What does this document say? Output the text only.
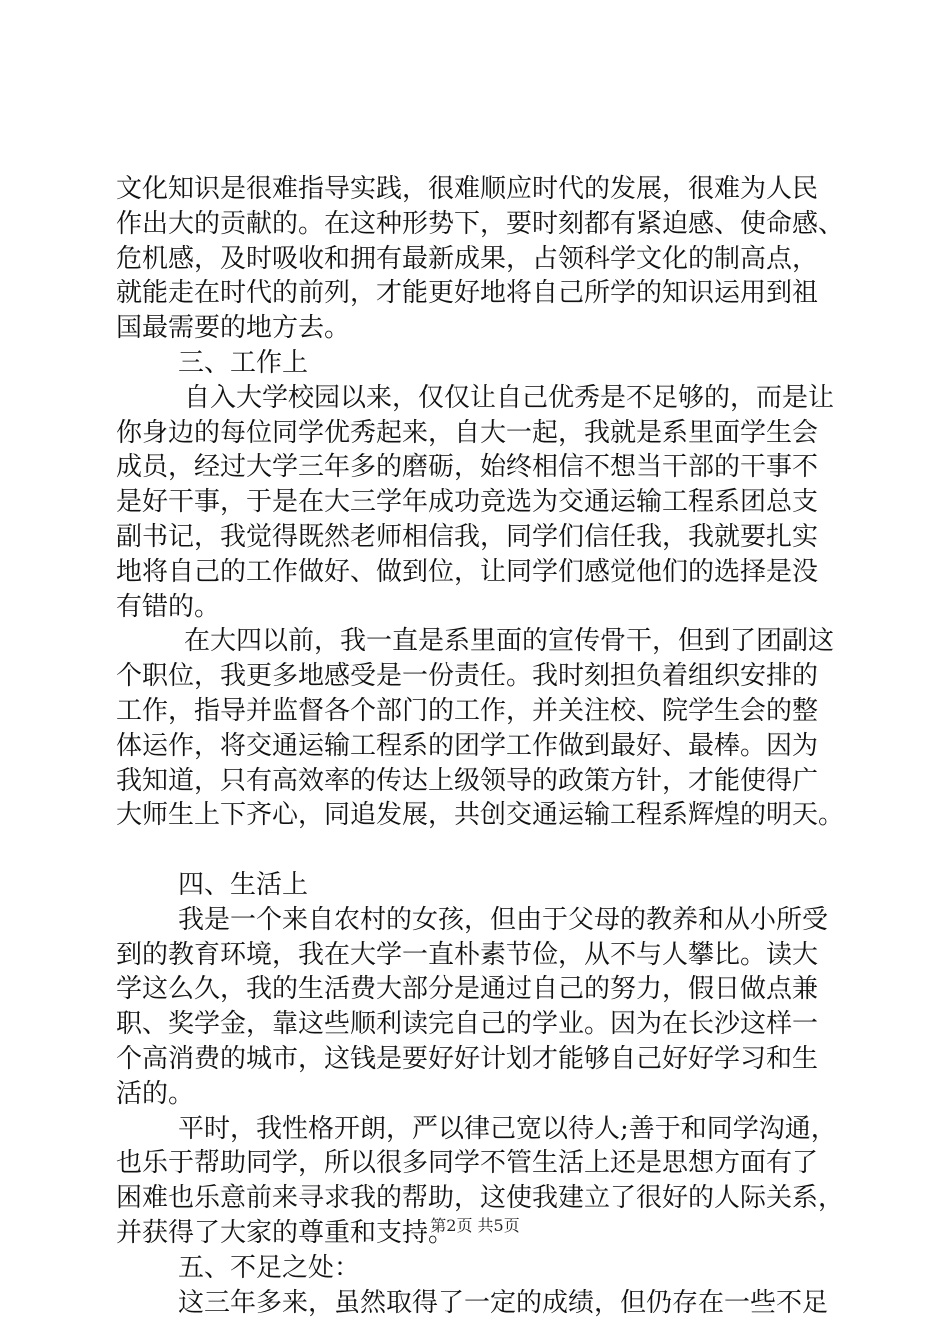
文化知识是很难指导实践，很难顺应时代的发展，很难为人民
作出大的贡献的。在这种形势下，要时刻都有紧迫感、使命感、
危机感，及时吸收和拥有最新成果，占领科学文化的制高点，
就能走在时代的前列，才能更好地将自己所学的知识运用到祖
国最需要的地方去。
三、工作上
自入大学校园以来，仅仅让自己优秀是不足够的，而是让
你身边的每位同学优秀起来，自大一起，我就是系里面学生会
成员，经过大学三年多的磨砺，始终相信不想当干部的干事不
是好干事，于是在大三学年成功竞选为交通运输工程系团总支
副书记，我觉得既然老师相信我，同学们信任我，我就要扎实
地将自己的工作做好、做到位，让同学们感觉他们的选择是没
有错的。
在大四以前，我一直是系里面的宣传骨干，但到了团副这
个职位，我更多地感受是一份责任。我时刻担负着组织安排的
工作，指导并监督各个部门的工作，并关注校、院学生会的整
体运作，将交通运输工程系的团学工作做到最好、最棒。因为
我知道，只有高效率的传达上级领导的政策方针，才能使得广
大师生上下齐心，同追发展，共创交通运输工程系辉煌的明天。
四、生活上
我是一个来自农村的女孩，但由于父母的教养和从小所受
到的教育环境，我在大学一直朴素节俭，从不与人攀比。读大
学这么久，我的生活费大部分是通过自己的努力，假日做点兼
职、奖学金，靠这些顺利读完自己的学业。因为在长沙这样一
个高消费的城市，这钱是要好好计划才能够自己好好学习和生
活的。
平时，我性格开朗，严以律己宽以待人;善于和同学沟通，
也乐于帮助同学，所以很多同学不管生活上还是思想方面有了
困难也乐意前来寻求我的帮助，这使我建立了很好的人际关系，
并获得了大家的尊重和支持。
五、不足之处：
这三年多来，虽然取得了一定的成绩，但仍存在一些不足
第2页 共5页
